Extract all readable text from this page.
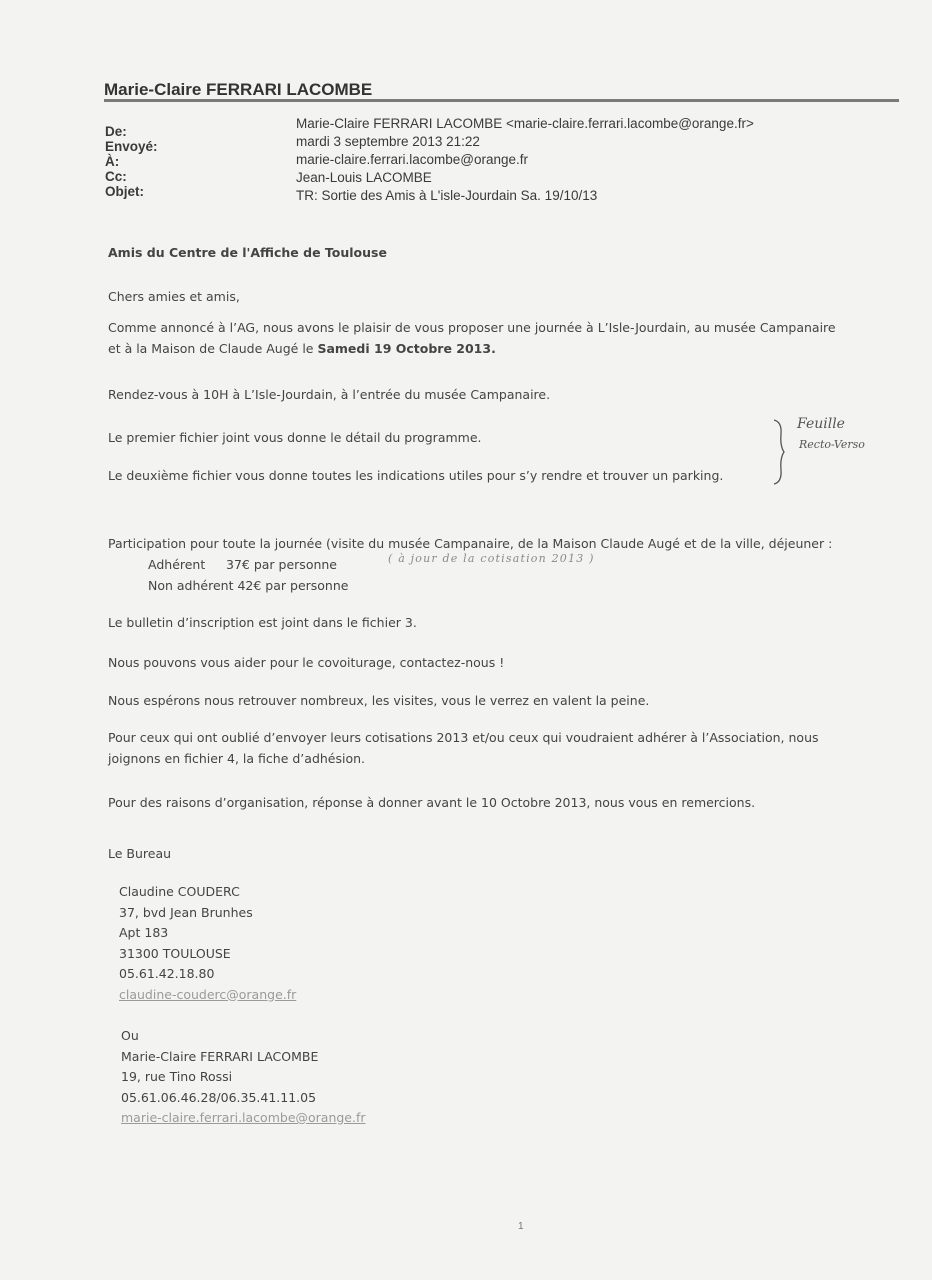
Marie-Claire FERRARI LACOMBE
De:
Envoyé:
À:
Cc:
Objet:
Marie-Claire FERRARI LACOMBE <marie-claire.ferrari.lacombe@orange.fr>
mardi 3 septembre 2013 21:22
marie-claire.ferrari.lacombe@orange.fr
Jean-Louis LACOMBE
TR: Sortie des Amis à L'isle-Jourdain Sa. 19/10/13
Amis du Centre de l'Affiche de Toulouse
Chers amies et amis,
Comme annoncé à l’AG, nous avons le plaisir de vous proposer une journée à L’Isle-Jourdain, au musée Campanaire
et à la Maison de Claude Augé le Samedi 19 Octobre 2013.
Rendez-vous à 10H à L’Isle-Jourdain, à l’entrée du musée Campanaire.
Le premier fichier joint vous donne le détail du programme.
Le deuxième fichier vous donne toutes les indications utiles pour s’y rendre et trouver un parking.
Feuille
Recto-Verso
Participation pour toute la journée (visite du musée Campanaire, de la Maison Claude Augé et de la ville, déjeuner :
Adhérent 37€ par personne
Non adhérent 42€ par personne
( à jour de la cotisation 2013 )
Le bulletin d’inscription est joint dans le fichier 3.
Nous pouvons vous aider pour le covoiturage, contactez-nous !
Nous espérons nous retrouver nombreux, les visites, vous le verrez en valent la peine.
Pour ceux qui ont oublié d’envoyer leurs cotisations 2013 et/ou ceux qui voudraient adhérer à l’Association, nous
joignons en fichier 4, la fiche d’adhésion.
Pour des raisons d’organisation, réponse à donner avant le 10 Octobre 2013, nous vous en remercions.
Le Bureau
Claudine COUDERC
37, bvd Jean Brunhes
Apt 183
31300 TOULOUSE
05.61.42.18.80
claudine-couderc@orange.fr
Ou
Marie-Claire FERRARI LACOMBE
19, rue Tino Rossi
05.61.06.46.28/06.35.41.11.05
marie-claire.ferrari.lacombe@orange.fr
1
